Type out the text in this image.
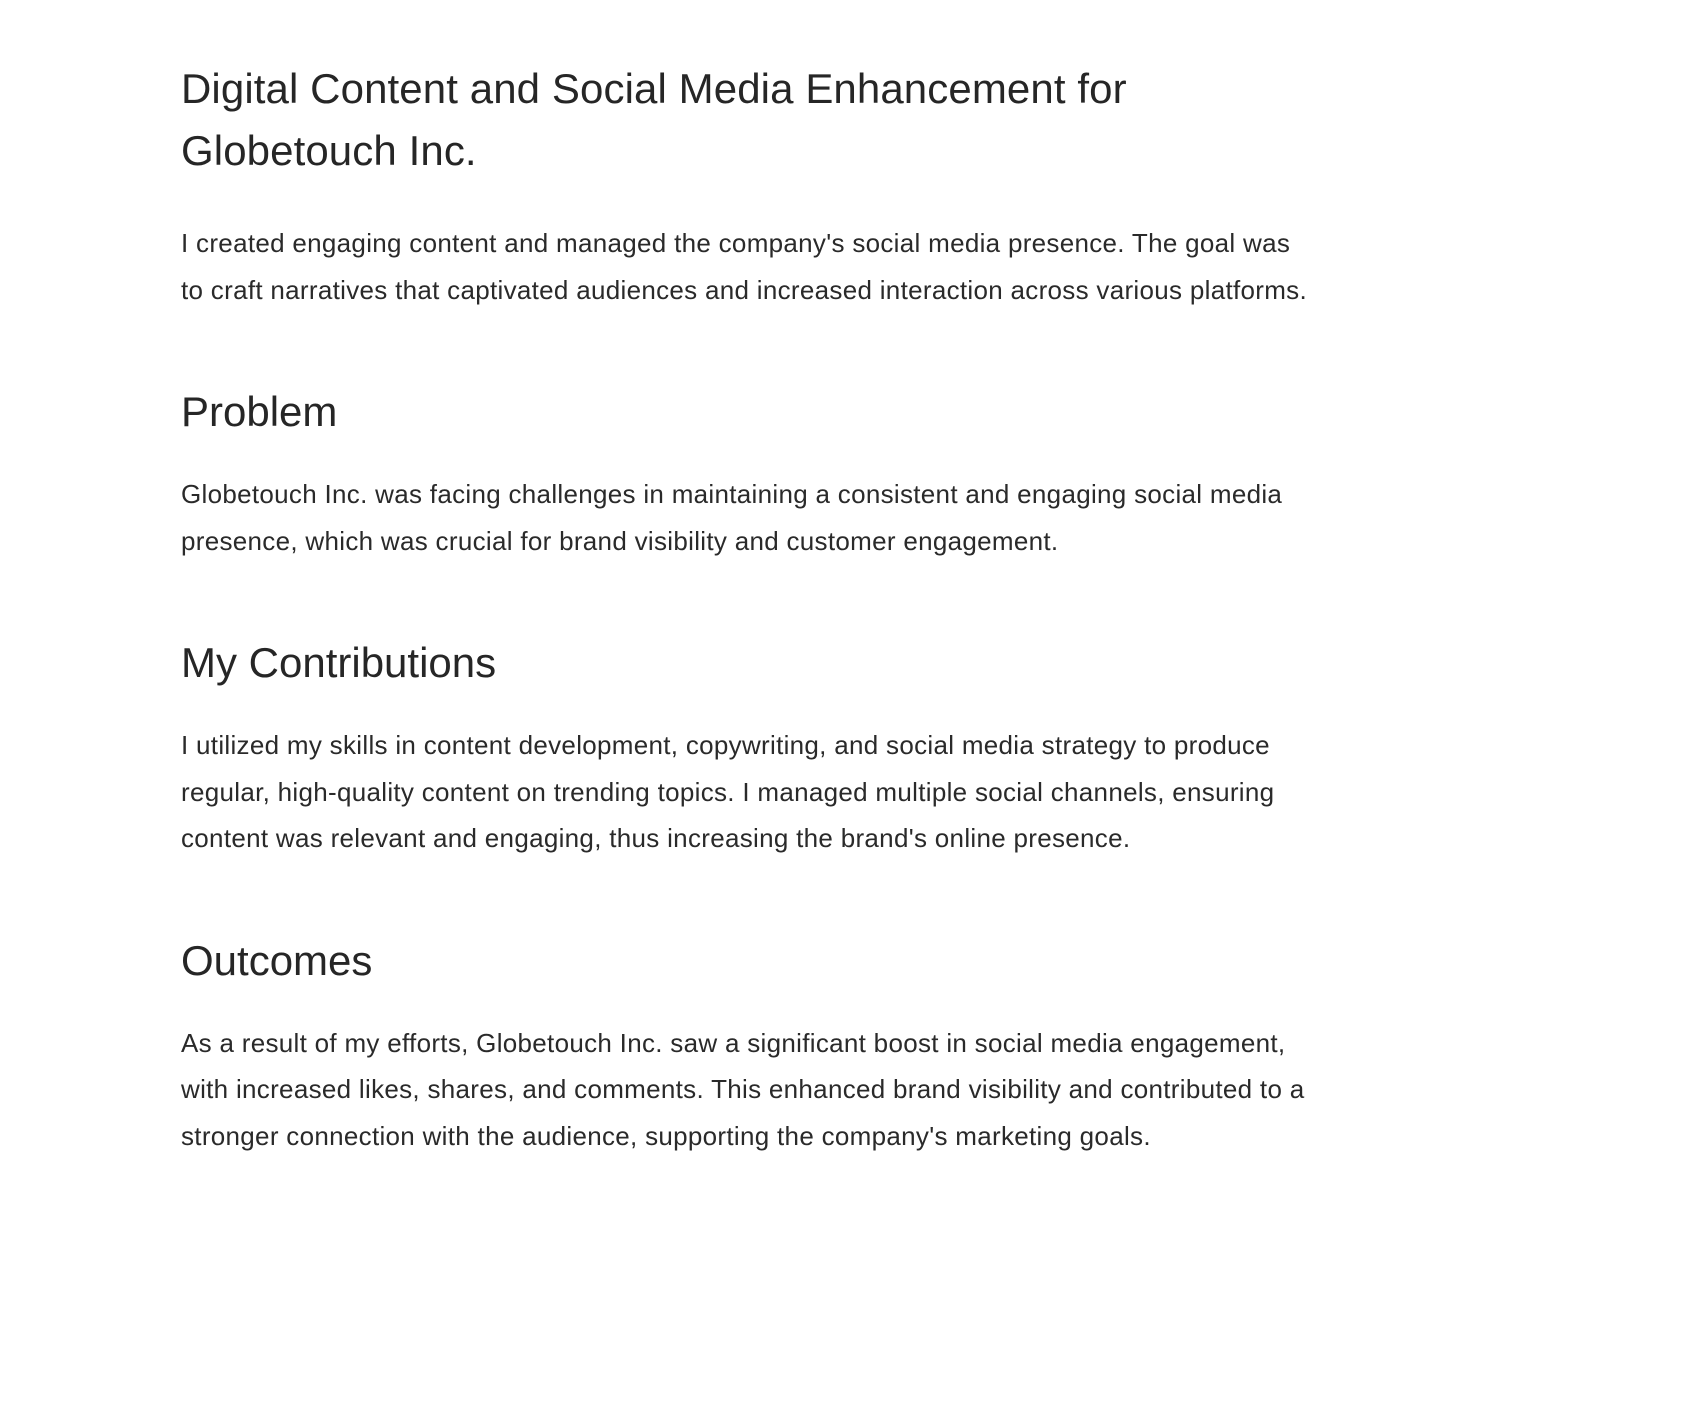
Digital Content and Social Media Enhancement for Globetouch Inc.

I created engaging content and managed the company's social media presence. The goal was to craft narratives that captivated audiences and increased interaction across various platforms.

Problem

Globetouch Inc. was facing challenges in maintaining a consistent and engaging social media presence, which was crucial for brand visibility and customer engagement.

My Contributions

I utilized my skills in content development, copywriting, and social media strategy to produce regular, high-quality content on trending topics. I managed multiple social channels, ensuring content was relevant and engaging, thus increasing the brand's online presence.

Outcomes

As a result of my efforts, Globetouch Inc. saw a significant boost in social media engagement, with increased likes, shares, and comments. This enhanced brand visibility and contributed to a stronger connection with the audience, supporting the company's marketing goals.
